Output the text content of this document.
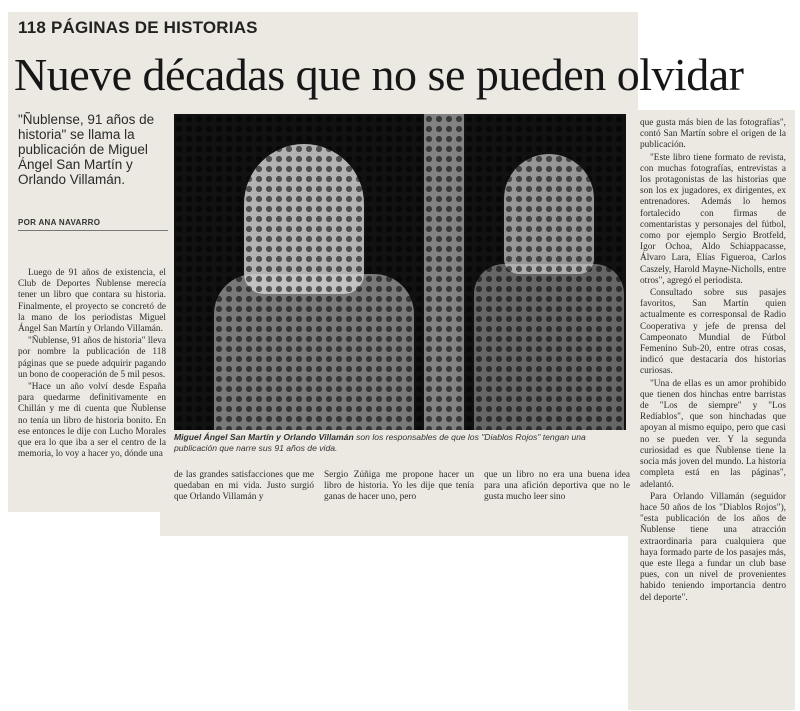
118 PÁGINAS DE HISTORIAS
Nueve décadas que no se pueden olvidar
"Ñublense, 91 años de historia" se llama la publicación de Miguel Ángel San Martín y Orlando Villamán.
POR ANA NAVARRO

Luego de 91 años de existencia, el Club de Deportes Ñublense merecía tener un libro que contara su historia. Finalmente, el proyecto se concretó de la mano de los periodistas Miguel Ángel San Martín y Orlando Villamán.

"Ñublense, 91 años de historia" lleva por nombre la publicación de 118 páginas que se puede adquirir pagando un bono de cooperación de 5 mil pesos.

"Hace un año volví desde España para quedarme definitivamente en Chillán y me di cuenta que Ñublense no tenía un libro de historia bonito. En ese entonces le dije con Lucho Morales que era lo que iba a ser el centro de la memoria, lo voy a hacer yo, dónde una

Miguel Ángel San Martín y Orlando Villamán son los responsables de que los "Diablos Rojos" tengan una publicación que narre sus 91 años de vida.

de las grandes satisfacciones que me quedaban en mi vida. Justo surgió que Orlando Villamán y

Sergio Zúñiga me propone hacer un libro de historia. Yo les dije que tenía ganas de hacer uno, pero

que un libro no era una buena idea para una afición deportiva que no le gusta mucho leer sino

que gusta más bien de las fotografías", contó San Martín sobre el origen de la publicación.

"Este libro tiene formato de revista, con muchas fotografías, entrevistas a los protagonistas de las historias que son los ex jugadores, ex dirigentes, ex entrenadores. Además lo hemos fortalecido con firmas de comentaristas y personajes del fútbol, como por ejemplo Sergio Brotfeld, Igor Ochoa, Aldo Schiappacasse, Álvaro Lara, Elías Figueroa, Carlos Caszely, Harold Mayne-Nicholls, entre otros", agregó el periodista.

Consultado sobre sus pasajes favoritos, San Martín quien actualmente es corresponsal de Radio Cooperativa y jefe de prensa del Campeonato Mundial de Fútbol Femenino Sub-20, entre otras cosas, indicó que destacaría dos historias curiosas.

"Una de ellas es un amor prohibido que tienen dos hinchas entre barristas de "Los de siempre" y "Los Redíablos", que son hinchadas que apoyan al mismo equipo, pero que casi no se pueden ver. Y la segunda curiosidad es que Ñublense tiene la socia más joven del mundo. La historia completa está en las páginas", adelantó.

Para Orlando Villamán (seguidor hace 50 años de los "Diablos Rojos"), "esta publicación de los años de Ñublense tiene una atracción extraordinaria para cualquiera que haya formado parte de los pasajes más, que este llega a fundar un club base pues, con un nivel de provenientes habido teniendo importancia dentro del deporte".
